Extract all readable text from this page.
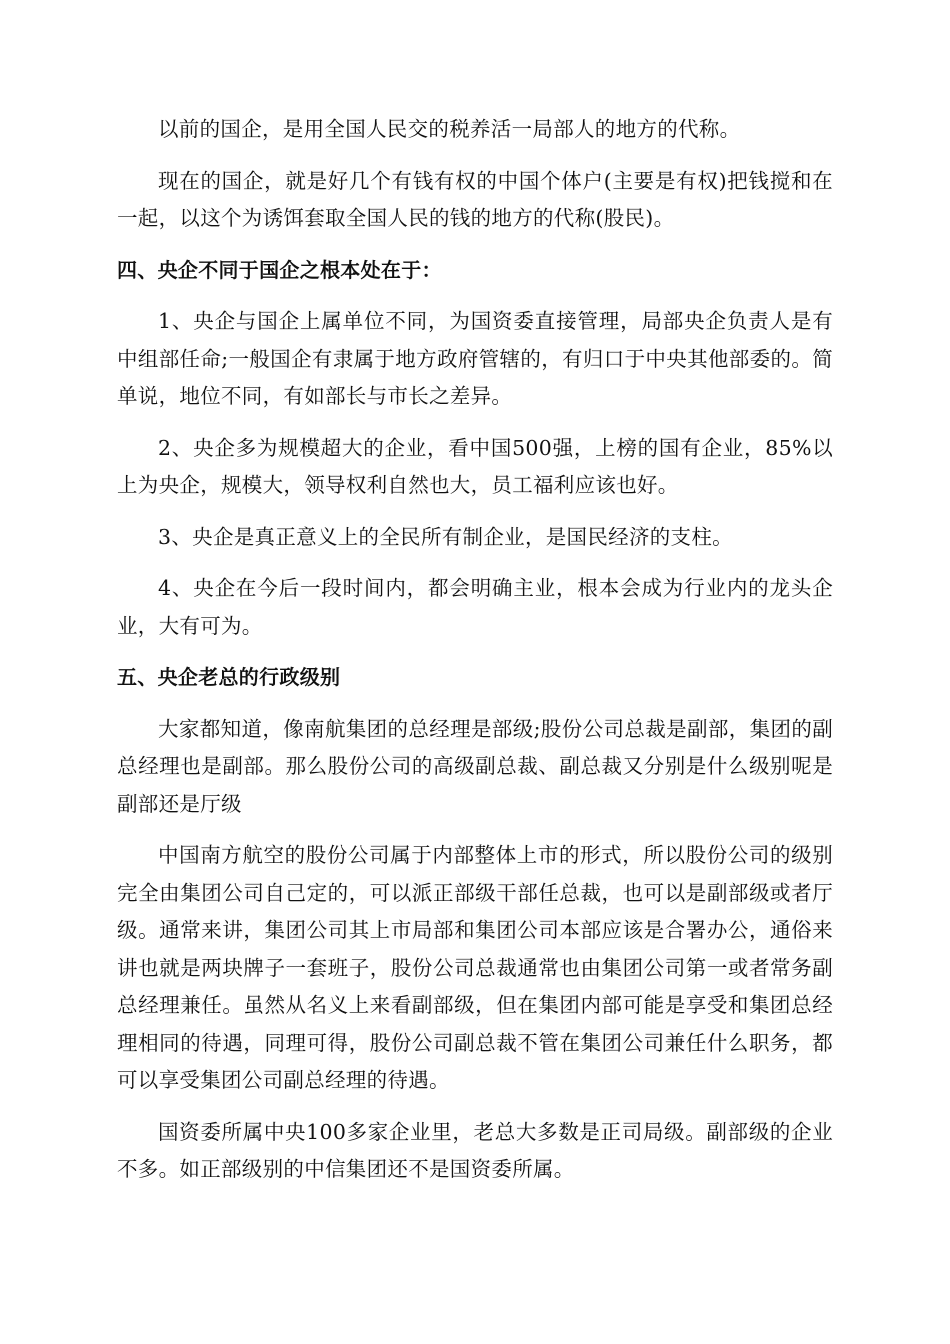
以前的国企，是用全国人民交的税养活一局部人的地方的代称。

现在的国企，就是好几个有钱有权的中国个体户(主要是有权)把钱搅和在一起，以这个为诱饵套取全国人民的钱的地方的代称(股民)。

四、央企不同于国企之根本处在于：

1、央企与国企上属单位不同，为国资委直接管理，局部央企负责人是有中组部任命;一般国企有隶属于地方政府管辖的，有归口于中央其他部委的。简单说，地位不同，有如部长与市长之差异。

2、央企多为规模超大的企业，看中国500强，上榜的国有企业，85%以上为央企，规模大，领导权利自然也大，员工福利应该也好。

3、央企是真正意义上的全民所有制企业，是国民经济的支柱。

4、央企在今后一段时间内，都会明确主业，根本会成为行业内的龙头企业，大有可为。

五、央企老总的行政级别

大家都知道，像南航集团的总经理是部级;股份公司总裁是副部，集团的副总经理也是副部。那么股份公司的高级副总裁、副总裁又分别是什么级别呢是副部还是厅级

中国南方航空的股份公司属于内部整体上市的形式，所以股份公司的级别完全由集团公司自己定的，可以派正部级干部任总裁，也可以是副部级或者厅级。通常来讲，集团公司其上市局部和集团公司本部应该是合署办公，通俗来讲也就是两块牌子一套班子，股份公司总裁通常也由集团公司第一或者常务副总经理兼任。虽然从名义上来看副部级，但在集团内部可能是享受和集团总经理相同的待遇，同理可得，股份公司副总裁不管在集团公司兼任什么职务，都可以享受集团公司副总经理的待遇。

国资委所属中央100多家企业里，老总大多数是正司局级。副部级的企业不多。如正部级别的中信集团还不是国资委所属。
